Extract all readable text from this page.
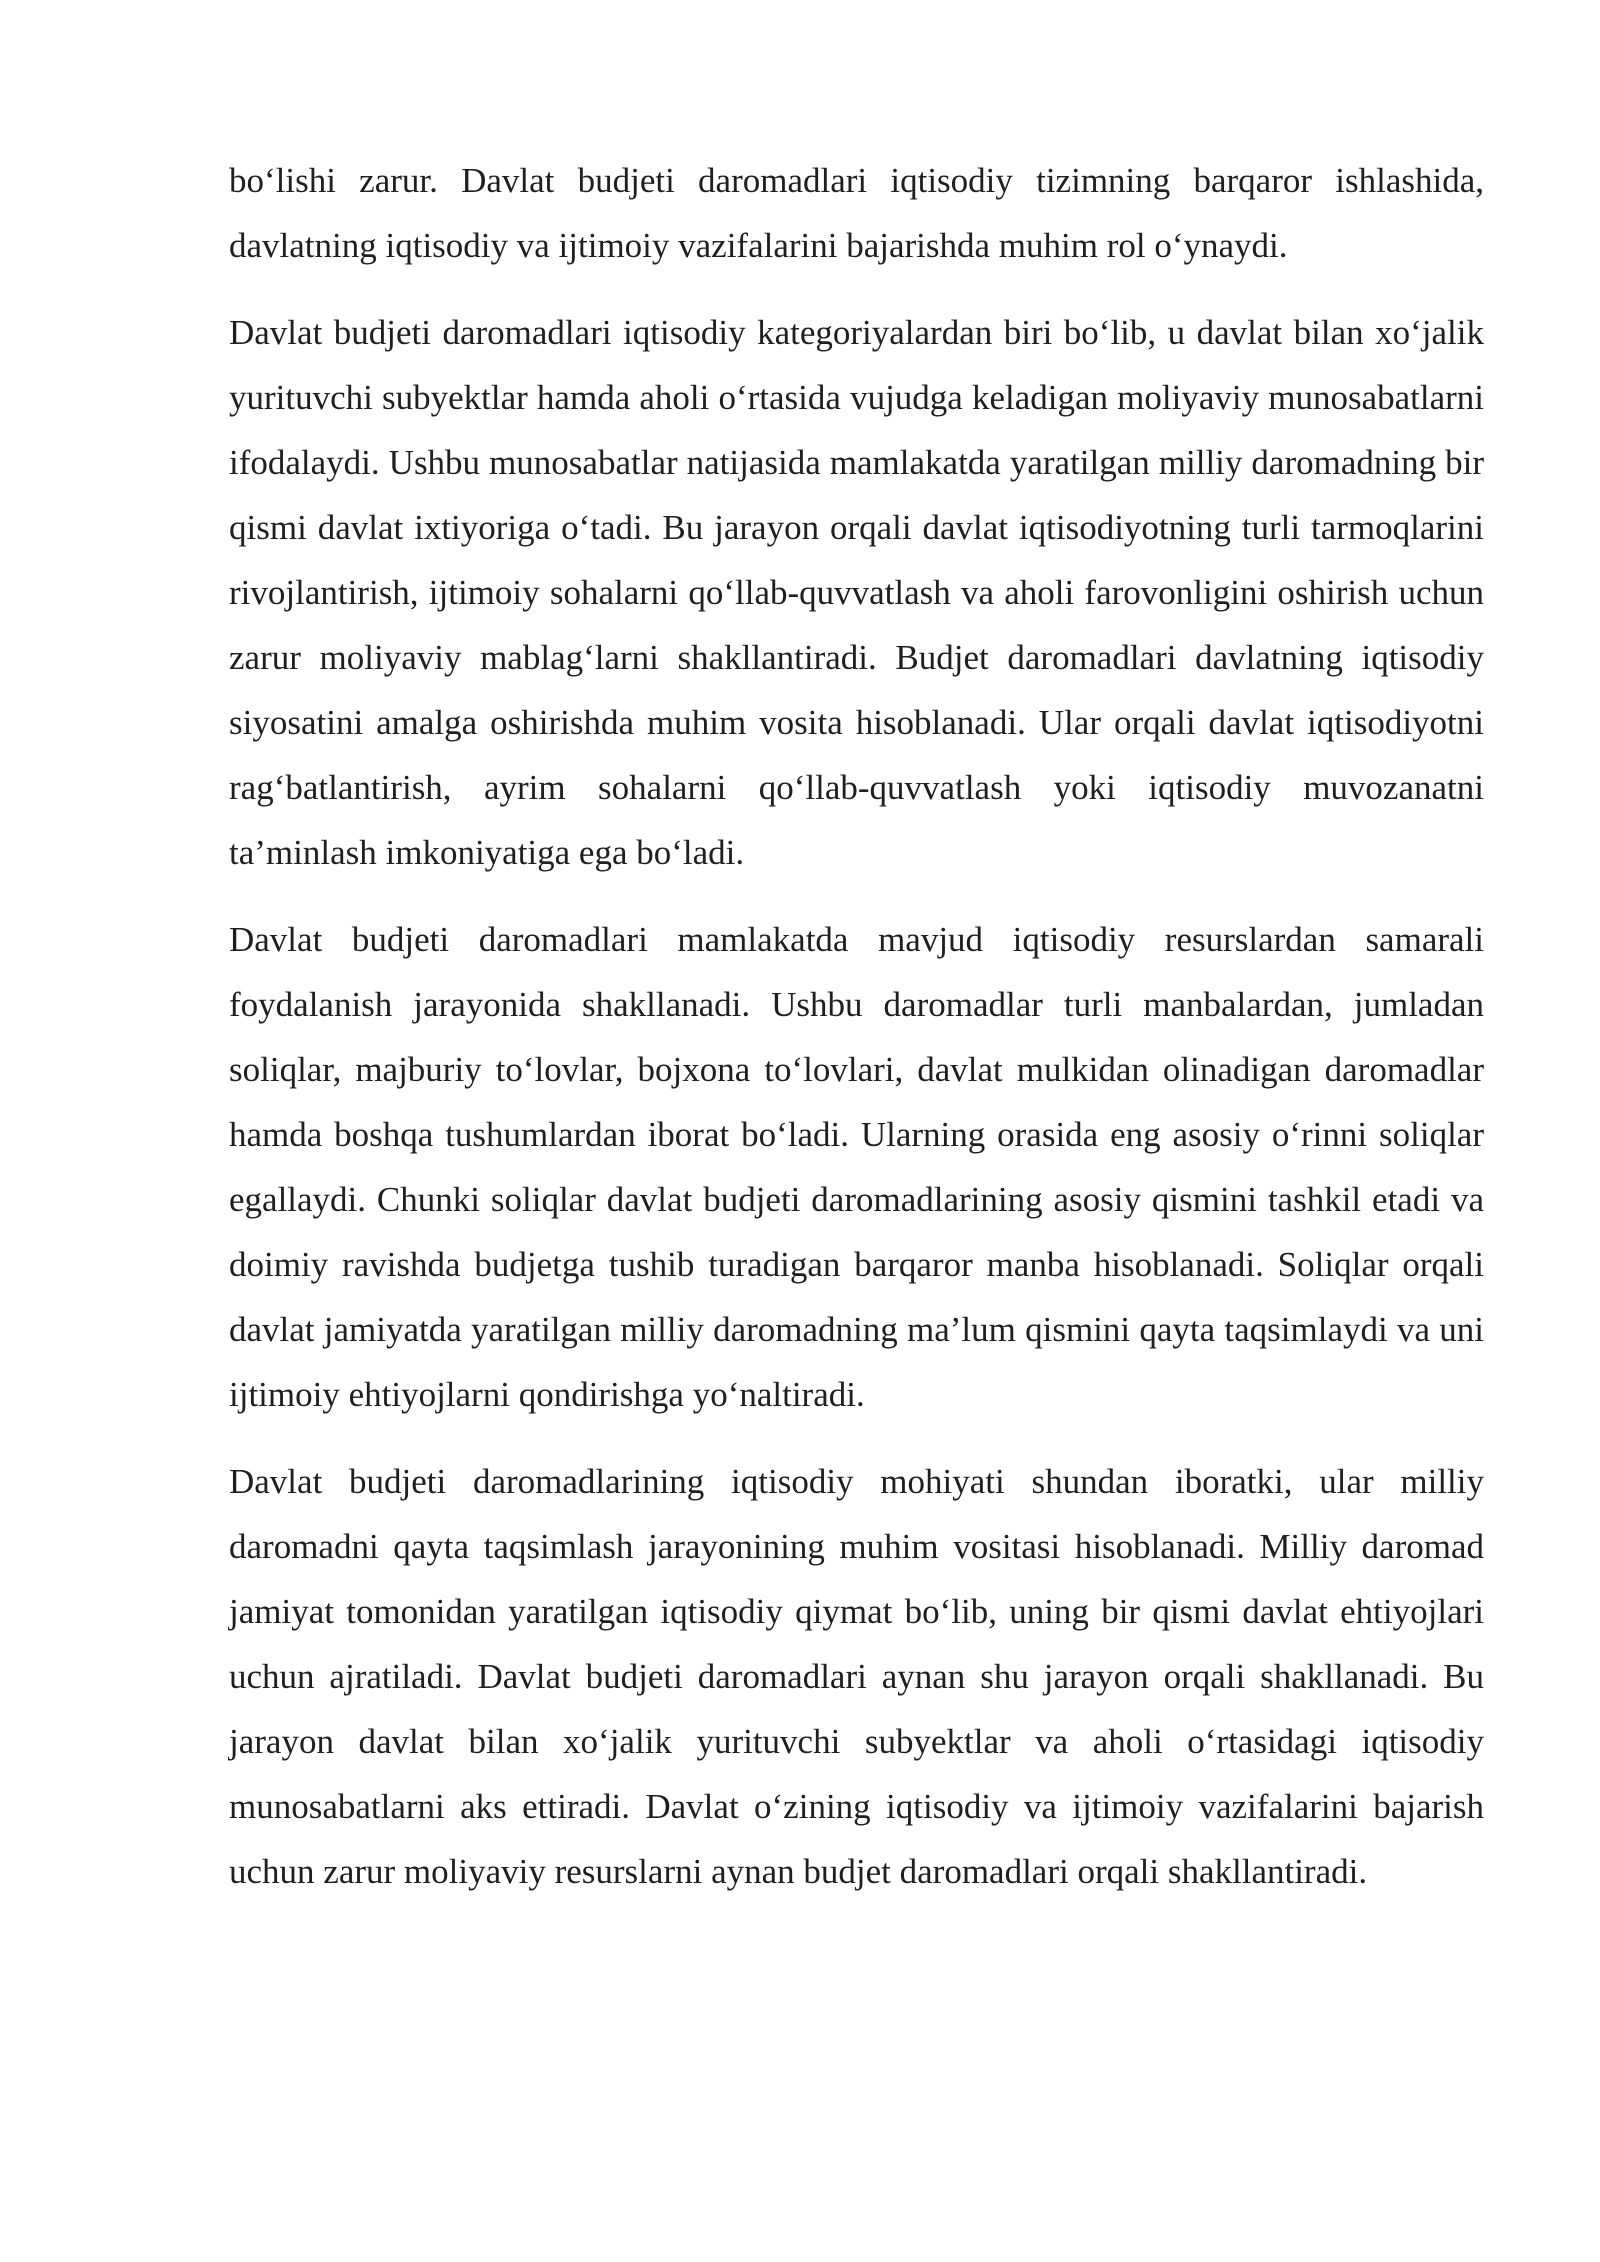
bo‘lishi zarur. Davlat budjeti daromadlari iqtisodiy tizimning barqaror ishlashida, davlatning iqtisodiy va ijtimoiy vazifalarini bajarishda muhim rol o‘ynaydi.

Davlat budjeti daromadlari iqtisodiy kategoriyalardan biri bo‘lib, u davlat bilan xo‘jalik yurituvchi subyektlar hamda aholi o‘rtasida vujudga keladigan moliyaviy munosabatlarni ifodalaydi. Ushbu munosabatlar natijasida mamlakatda yaratilgan milliy daromadning bir qismi davlat ixtiyoriga o‘tadi. Bu jarayon orqali davlat iqtisodiyotning turli tarmoqlarini rivojlantirish, ijtimoiy sohalarni qo‘llab-quvvatlash va aholi farovonligini oshirish uchun zarur moliyaviy mablag‘larni shakllantiradi. Budjet daromadlari davlatning iqtisodiy siyosatini amalga oshirishda muhim vosita hisoblanadi. Ular orqali davlat iqtisodiyotni rag‘batlantirish, ayrim sohalarni qo‘llab-quvvatlash yoki iqtisodiy muvozanatni ta’minlash imkoniyatiga ega bo‘ladi.

Davlat budjeti daromadlari mamlakatda mavjud iqtisodiy resurslardan samarali foydalanish jarayonida shakllanadi. Ushbu daromadlar turli manbalardan, jumladan soliqlar, majburiy to‘lovlar, bojxona to‘lovlari, davlat mulkidan olinadigan daromadlar hamda boshqa tushumlardan iborat bo‘ladi. Ularning orasida eng asosiy o‘rinni soliqlar egallaydi. Chunki soliqlar davlat budjeti daromadlarining asosiy qismini tashkil etadi va doimiy ravishda budjetga tushib turadigan barqaror manba hisoblanadi. Soliqlar orqali davlat jamiyatda yaratilgan milliy daromadning ma’lum qismini qayta taqsimlaydi va uni ijtimoiy ehtiyojlarni qondirishga yo‘naltiradi.

Davlat budjeti daromadlarining iqtisodiy mohiyati shundan iboratki, ular milliy daromadni qayta taqsimlash jarayonining muhim vositasi hisoblanadi. Milliy daromad jamiyat tomonidan yaratilgan iqtisodiy qiymat bo‘lib, uning bir qismi davlat ehtiyojlari uchun ajratiladi. Davlat budjeti daromadlari aynan shu jarayon orqali shakllanadi. Bu jarayon davlat bilan xo‘jalik yurituvchi subyektlar va aholi o‘rtasidagi iqtisodiy munosabatlarni aks ettiradi. Davlat o‘zining iqtisodiy va ijtimoiy vazifalarini bajarish uchun zarur moliyaviy resurslarni aynan budjet daromadlari orqali shakllantiradi.
